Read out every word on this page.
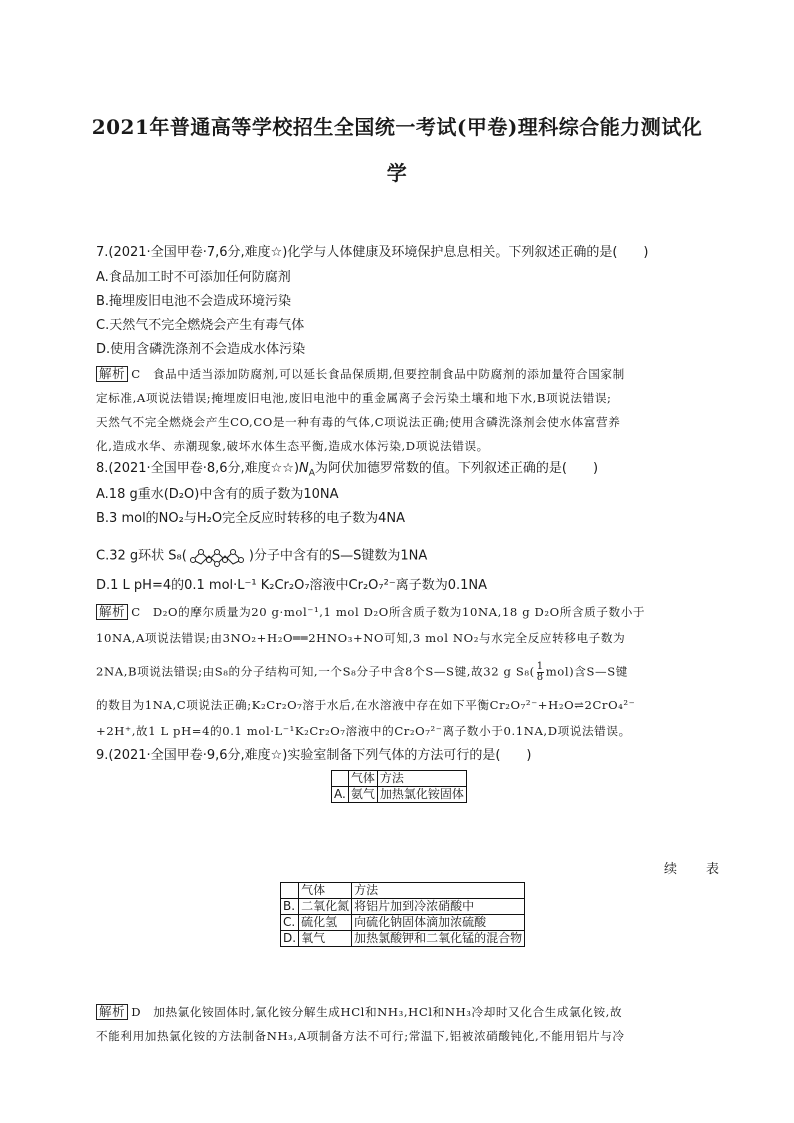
2021年普通高等学校招生全国统一考试(甲卷)理科综合能力测试化
学
7.(2021·全国甲卷·7,6分,难度☆)化学与人体健康及环境保护息息相关。下列叙述正确的是(　　)
A.食品加工时不可添加任何防腐剂
B.掩埋废旧电池不会造成环境污染
C.天然气不完全燃烧会产生有毒气体
D.使用含磷洗涤剂不会造成水体污染
解析 C　食品中适当添加防腐剂,可以延长食品保质期,但要控制食品中防腐剂的添加量符合国家制
定标准,A项说法错误;掩埋废旧电池,废旧电池中的重金属离子会污染土壤和地下水,B项说法错误;
天然气不完全燃烧会产生CO,CO是一种有毒的气体,C项说法正确;使用含磷洗涤剂会使水体富营养
化,造成水华、赤潮现象,破坏水体生态平衡,造成水体污染,D项说法错误。
8.(2021·全国甲卷·8,6分,难度$☆☆)N_A$为阿伏加德罗常数的值。下列叙述正确的是(　　)
A.18 g重水(D₂O)中含有的质子数为10NA
B.3 mol的NO₂与H₂O完全反应时转移的电子数为4NA
C.32 g环状 S₈(	)分子中含有的S—S键数为1NA
D.1 L pH=4的0.1 mol·L⁻¹ K₂Cr₂O₇溶液中Cr₂O₇²⁻离子数为0.1NA
解析 C　D₂O的摩尔质量为20 g·mol⁻¹,1 mol D₂O所含质子数为10NA,18 g D₂O所含质子数小于
10NA,A项说法错误;由3NO₂+H₂O══2HNO₃+NO可知,3 mol NO₂与水完全反应转移电子数为
2NA,B项说法错误;由S₈的分子结构可知,一个S₈分子中含8个S—S键,故32 g $S_8( \frac{1}{8} mol)$含S—S键
的数目为1NA,C项说法正确;K₂Cr₂O₇溶于水后,在水溶液中存在如下平衡Cr₂O₇²⁻+H₂O⇌2CrO₄²⁻
+2H⁺,故1 L pH=4的0.1 mol·L⁻¹K₂Cr₂O₇溶液中的Cr₂O₇²⁻离子数小于0.1NA,D项说法错误。
9.(2021·全国甲卷·9,6分,难度☆)实验室制备下列气体的方法可行的是(　　)
	气体	方法
A.	氨气	加热氯化铵固体
续　表
	气体	方法
B.	二氧化氮	将铝片加到冷浓硝酸中
C.	硫化氢	向硫化钠固体滴加浓硫酸
D.	氧气	加热氯酸钾和二氧化锰的混合物
解析 D　加热氯化铵固体时,氯化铵分解生成HCl和NH₃,HCl和NH₃冷却时又化合生成氯化铵,故
不能利用加热氯化铵的方法制备NH₃,A项制备方法不可行;常温下,铝被浓硝酸钝化,不能用铝片与冷
